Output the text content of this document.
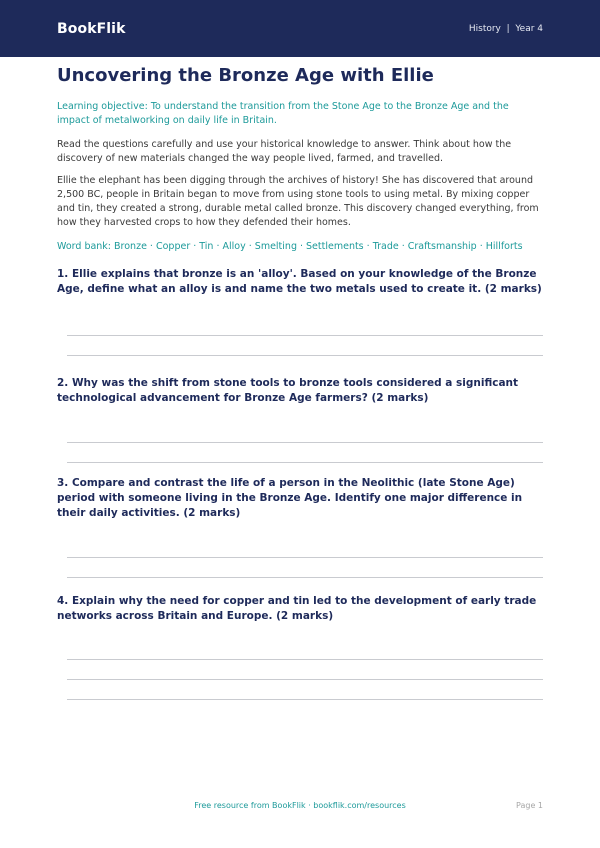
BookFlik	History  |  Year 4
Uncovering the Bronze Age with Ellie
Learning objective: To understand the transition from the Stone Age to the Bronze Age and the impact of metalworking on daily life in Britain.
Read the questions carefully and use your historical knowledge to answer. Think about how the discovery of new materials changed the way people lived, farmed, and travelled.
Ellie the elephant has been digging through the archives of history! She has discovered that around 2,500 BC, people in Britain began to move from using stone tools to using metal. By mixing copper and tin, they created a strong, durable metal called bronze. This discovery changed everything, from how they harvested crops to how they defended their homes.
Word bank: Bronze · Copper · Tin · Alloy · Smelting · Settlements · Trade · Craftsmanship · Hillforts
1. Ellie explains that bronze is an 'alloy'. Based on your knowledge of the Bronze Age, define what an alloy is and name the two metals used to create it. (2 marks)
2. Why was the shift from stone tools to bronze tools considered a significant technological advancement for Bronze Age farmers? (2 marks)
3. Compare and contrast the life of a person in the Neolithic (late Stone Age) period with someone living in the Bronze Age. Identify one major difference in their daily activities. (2 marks)
4. Explain why the need for copper and tin led to the development of early trade networks across Britain and Europe. (2 marks)
Free resource from BookFlik · bookflik.com/resources	Page 1
